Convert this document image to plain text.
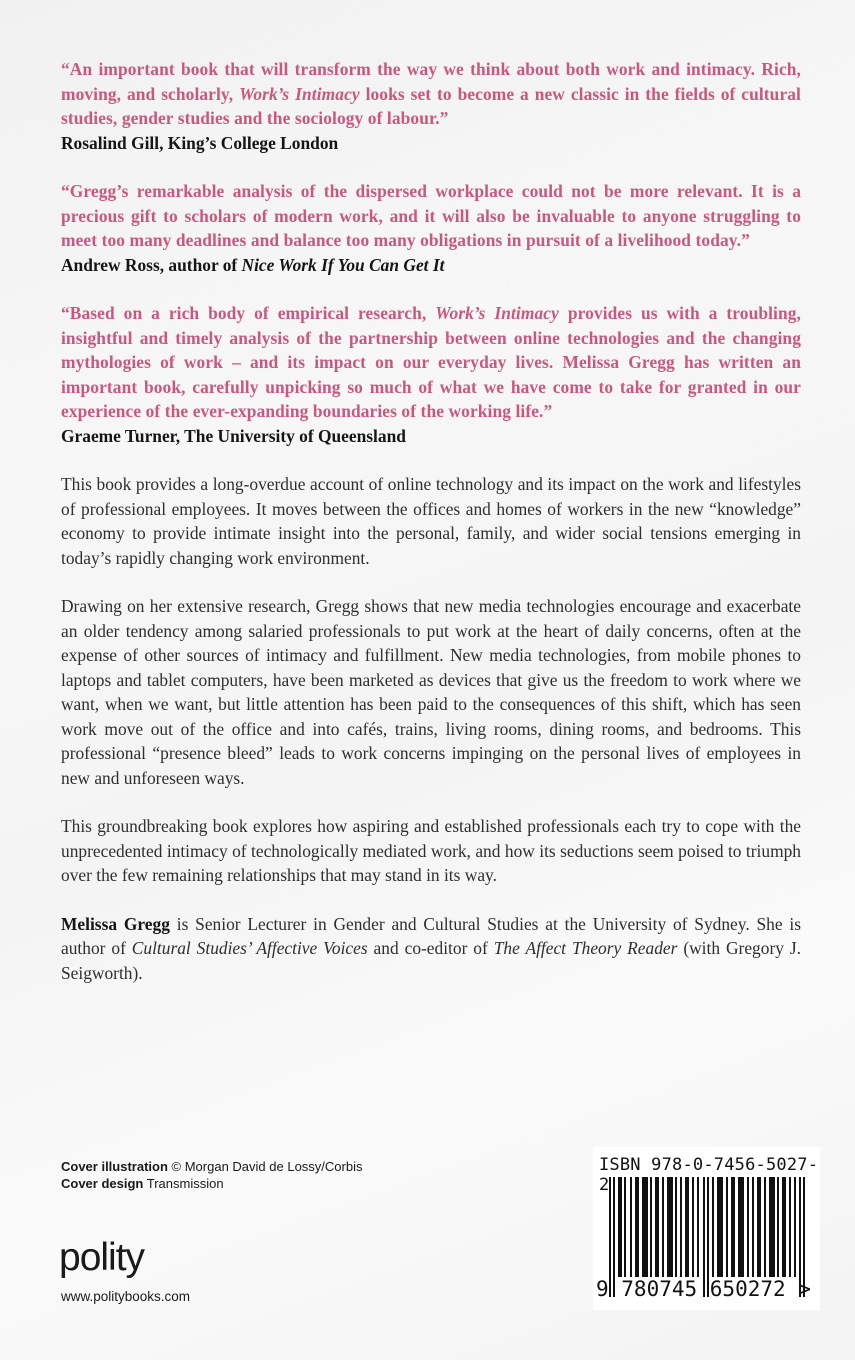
“An important book that will transform the way we think about both work and intimacy. Rich, moving, and scholarly, Work’s Intimacy looks set to become a new classic in the fields of cultural studies, gender studies and the sociology of labour.”
Rosalind Gill, King’s College London
“Gregg’s remarkable analysis of the dispersed workplace could not be more relevant. It is a precious gift to scholars of modern work, and it will also be invaluable to anyone struggling to meet too many deadlines and balance too many obligations in pursuit of a livelihood today.”
Andrew Ross, author of Nice Work If You Can Get It
“Based on a rich body of empirical research, Work’s Intimacy provides us with a troubling, insightful and timely analysis of the partnership between online technologies and the changing mythologies of work – and its impact on our everyday lives. Melissa Gregg has written an important book, carefully unpicking so much of what we have come to take for granted in our experience of the ever-expanding boundaries of the working life.”
Graeme Turner, The University of Queensland

This book provides a long-overdue account of online technology and its impact on the work and lifestyles of professional employees. It moves between the offices and homes of workers in the new “knowledge” economy to provide intimate insight into the personal, family, and wider social tensions emerging in today’s rapidly changing work environment.

Drawing on her extensive research, Gregg shows that new media technologies encourage and exacerbate an older tendency among salaried professionals to put work at the heart of daily concerns, often at the expense of other sources of intimacy and fulfillment. New media technologies, from mobile phones to laptops and tablet computers, have been marketed as devices that give us the freedom to work where we want, when we want, but little attention has been paid to the consequences of this shift, which has seen work move out of the office and into cafés, trains, living rooms, dining rooms, and bedrooms. This professional “presence bleed” leads to work concerns impinging on the personal lives of employees in new and unforeseen ways.

This groundbreaking book explores how aspiring and established professionals each try to cope with the unprecedented intimacy of technologically mediated work, and how its seductions seem poised to triumph over the few remaining relationships that may stand in its way.

Melissa Gregg is Senior Lecturer in Gender and Cultural Studies at the University of Sydney. She is author of Cultural Studies’ Affective Voices and co-editor of The Affect Theory Reader (with Gregory J. Seigworth).

Cover illustration © Morgan David de Lossy/Corbis
Cover design Transmission
polity
www.politybooks.com
ISBN 978-0-7456-5027-2
9 780745 650272 >
